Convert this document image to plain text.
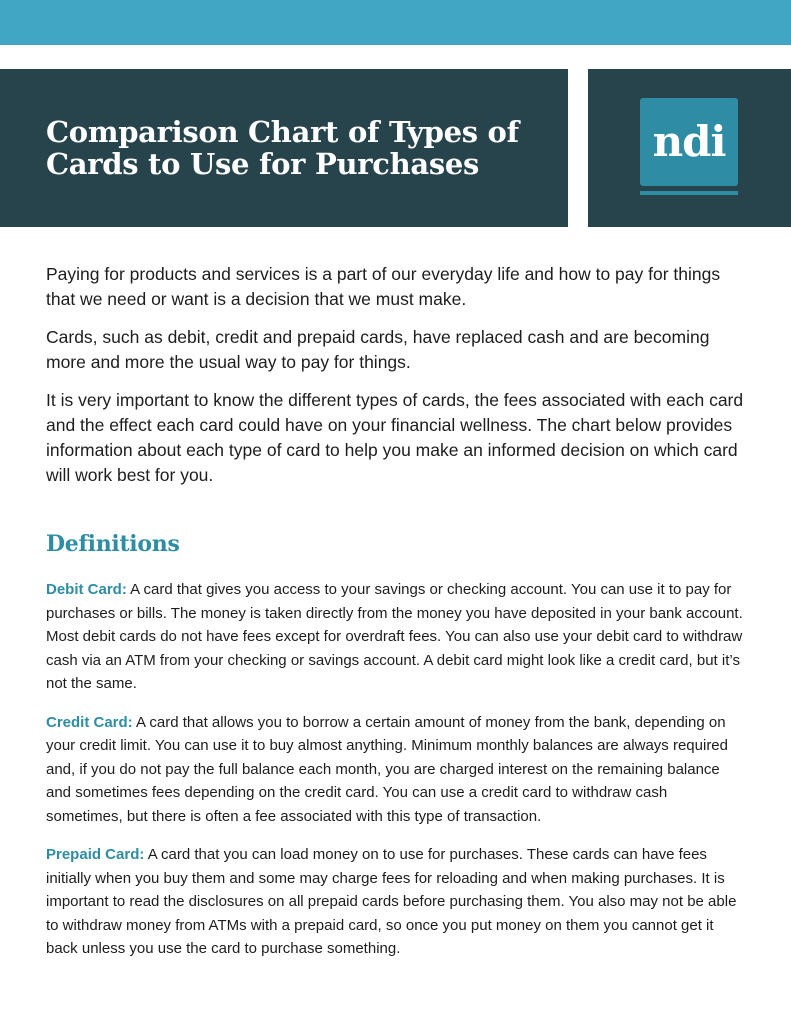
Comparison Chart of Types of
Cards to Use for Purchases	ndi

Paying for products and services is a part of our everyday life and how to pay for things that we need or want is a decision that we must make.

Cards, such as debit, credit and prepaid cards, have replaced cash and are becoming more and more the usual way to pay for things.

It is very important to know the different types of cards, the fees associated with each card and the effect each card could have on your financial wellness. The chart below provides information about each type of card to help you make an informed decision on which card will work best for you.

Definitions

Debit Card: A card that gives you access to your savings or checking account. You can use it to pay for purchases or bills. The money is taken directly from the money you have deposited in your bank account. Most debit cards do not have fees except for overdraft fees. You can also use your debit card to withdraw cash via an ATM from your checking or savings account. A debit card might look like a credit card, but it’s not the same.

Credit Card: A card that allows you to borrow a certain amount of money from the bank, depending on your credit limit. You can use it to buy almost anything. Minimum monthly balances are always required and, if you do not pay the full balance each month, you are charged interest on the remaining balance and sometimes fees depending on the credit card. You can use a credit card to withdraw cash sometimes, but there is often a fee associated with this type of transaction.

Prepaid Card: A card that you can load money on to use for purchases. These cards can have fees initially when you buy them and some may charge fees for reloading and when making purchases. It is important to read the disclosures on all prepaid cards before purchasing them. You also may not be able to withdraw money from ATMs with a prepaid card, so once you put money on them you cannot get it back unless you use the card to purchase something.
